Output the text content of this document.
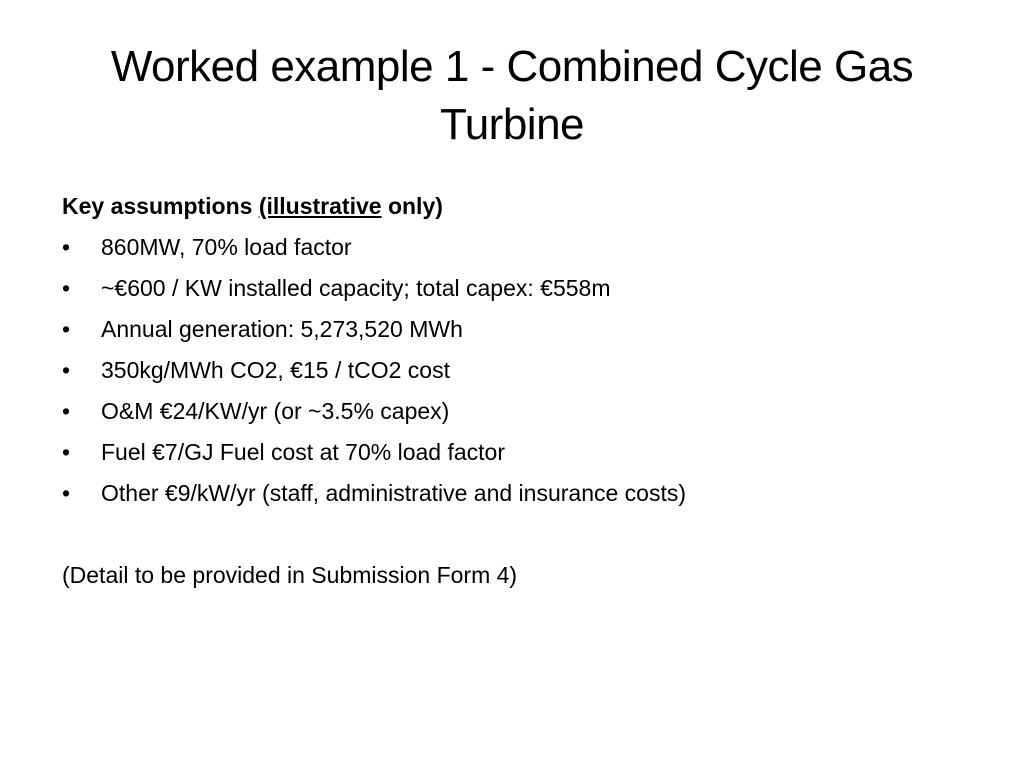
Worked example 1 - Combined Cycle Gas Turbine

Key assumptions (illustrative only)

•	860MW, 70% load factor
•	~€600 / KW installed capacity; total capex: €558m
•	Annual generation: 5,273,520 MWh
•	350kg/MWh CO2, €15 / tCO2 cost
•	O&M €24/KW/yr (or ~3.5% capex)
•	Fuel €7/GJ Fuel cost at 70% load factor
•	Other €9/kW/yr (staff, administrative and insurance costs)

(Detail to be provided in Submission Form 4)
